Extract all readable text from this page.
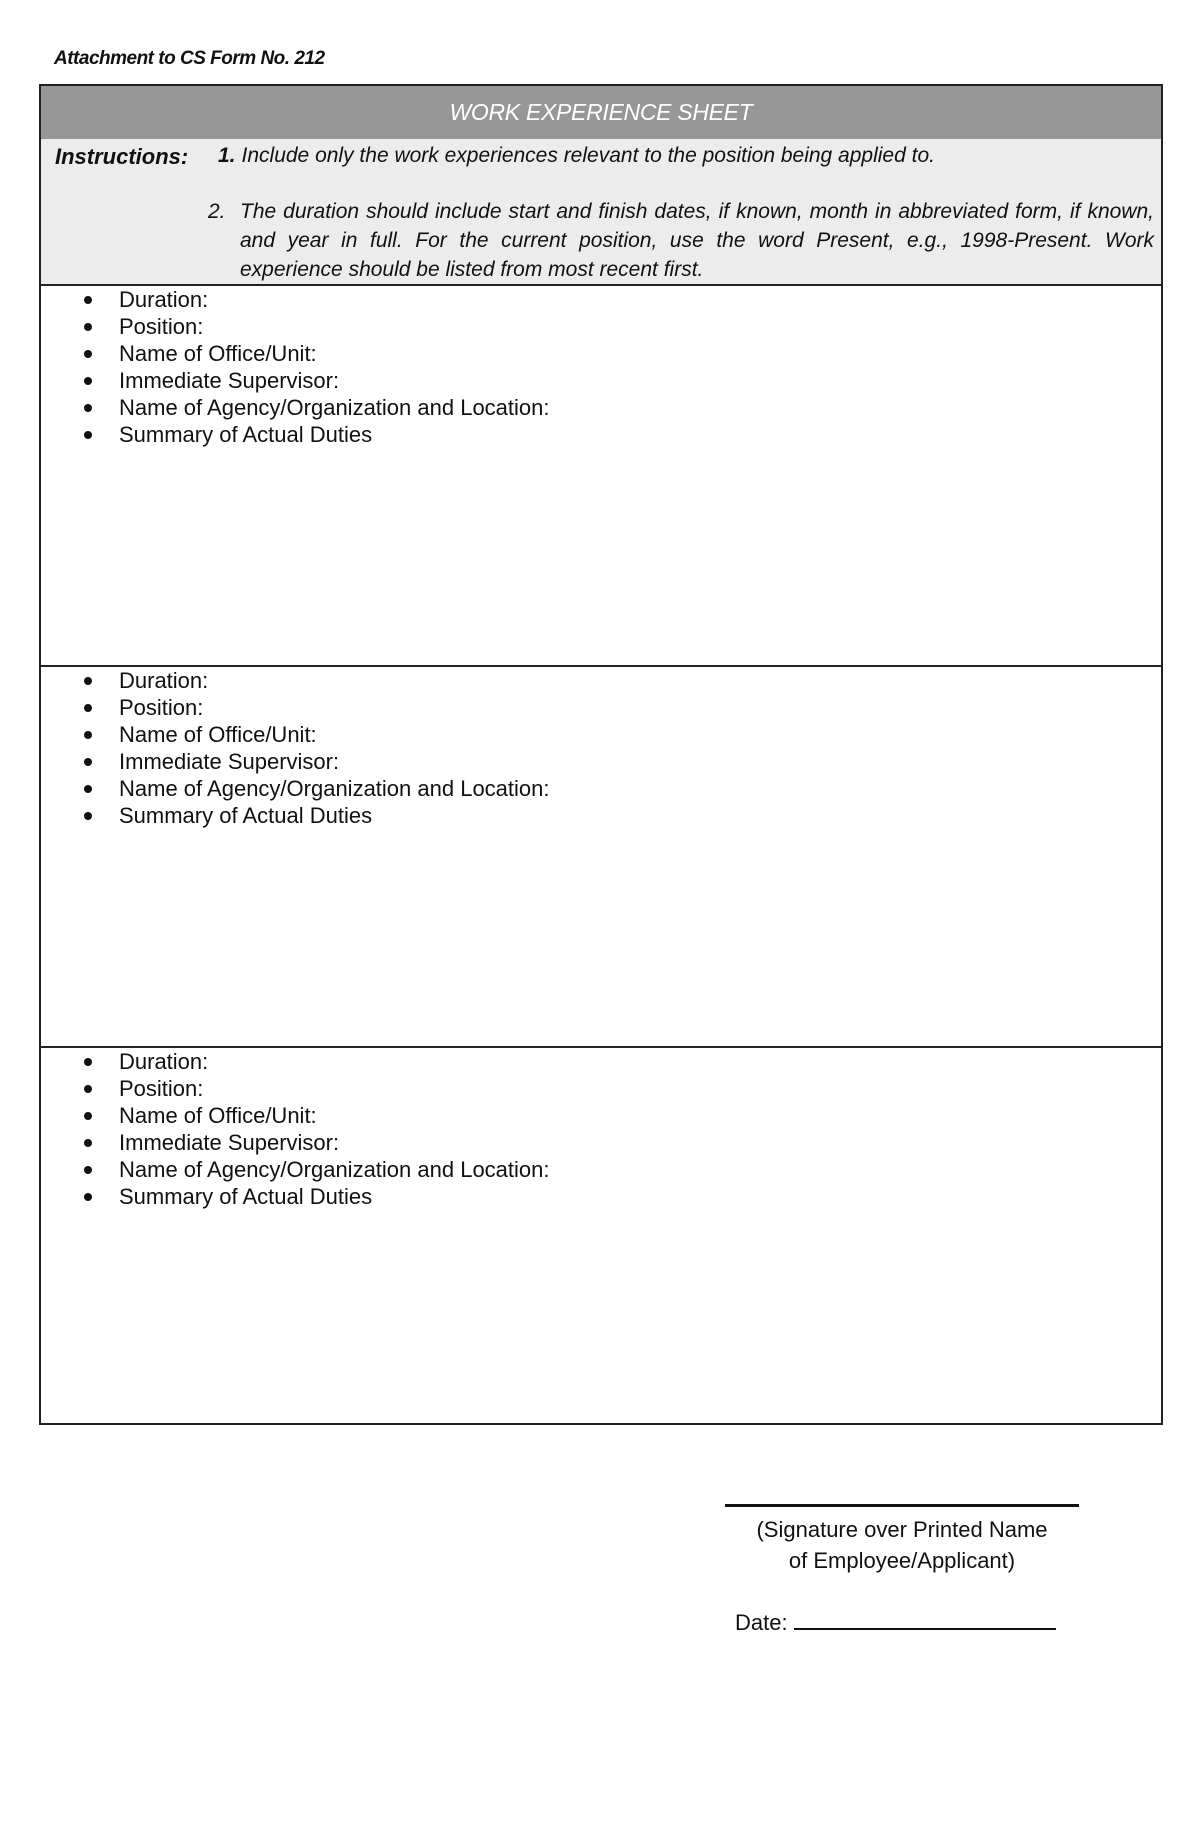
Attachment to CS Form No. 212
WORK EXPERIENCE SHEET
Instructions: 1. Include only the work experiences relevant to the position being applied to.
2. The duration should include start and finish dates, if known, month in abbreviated form, if known, and year in full. For the current position, use the word Present, e.g., 1998-Present. Work experience should be listed from most recent first.
Duration:
Position:
Name of Office/Unit:
Immediate Supervisor:
Name of Agency/Organization and Location:
Summary of Actual Duties
Duration:
Position:
Name of Office/Unit:
Immediate Supervisor:
Name of Agency/Organization and Location:
Summary of Actual Duties
Duration:
Position:
Name of Office/Unit:
Immediate Supervisor:
Name of Agency/Organization and Location:
Summary of Actual Duties
(Signature over Printed Name
of Employee/Applicant)
Date:
